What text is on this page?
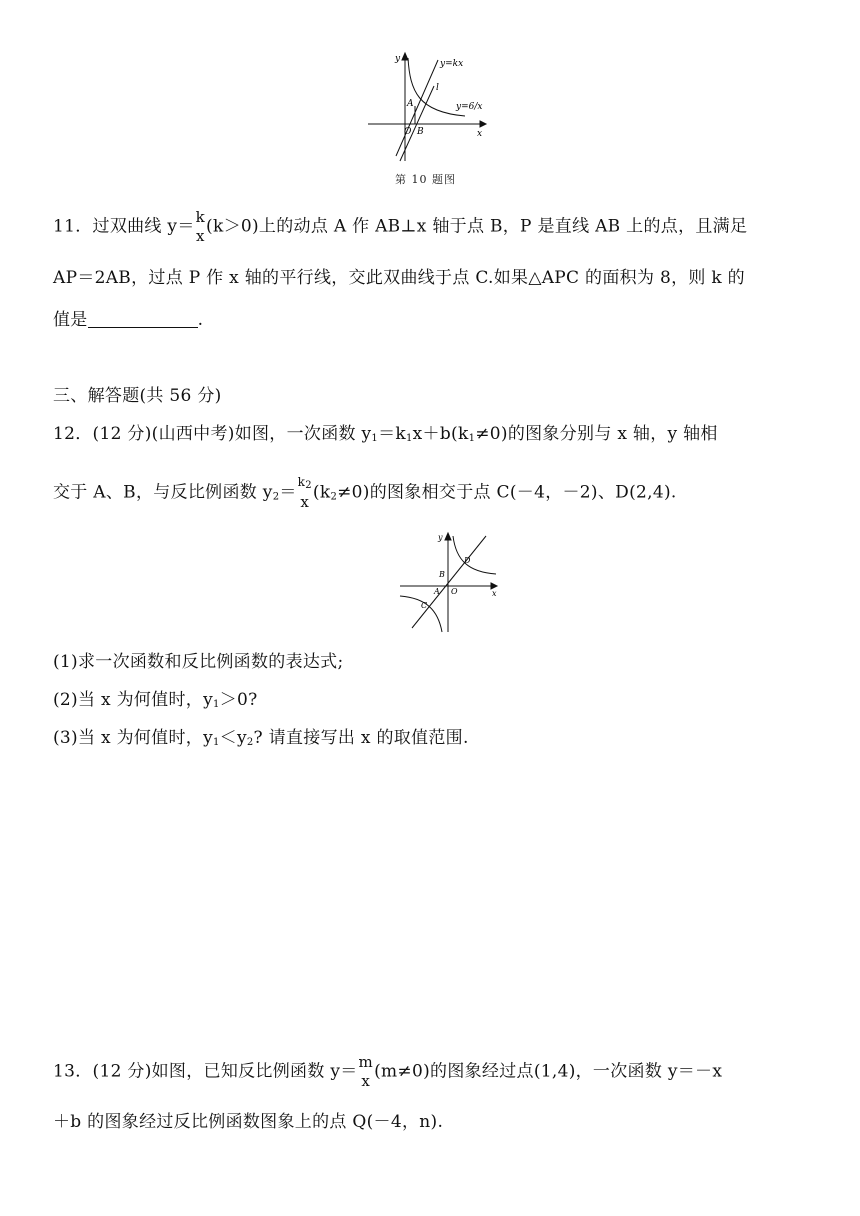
y	y=kx
l
y=6/x
A
O B	x
第 10 题图
11．过双曲线 y＝ k
x (k＞0)上的动点 A 作 AB⊥x 轴于点 B，P 是直线 AB 上的点，且满足
AP＝2AB，过点 P 作 x 轴的平行线，交此双曲线于点 C.如果△APC 的面积为 8，则 k 的
值是	.
三、解答题(共 56 分)
12．(12 分)(山西中考)如图，一次函数 $y_1=k_1x+b(k_1\ne 0)$的图象分别与 x 轴，y 轴相
交于 A、B，与反比例函数 $y_2=$
$k_2$
x $(k_2\ne 0)$的图象相交于点 C(－4，－2)、D(2,4).
y
D
B
A O	x
C
(1)求一次函数和反比例函数的表达式;
(2)当 x 为何值时，$y_1>0$?
(3)当 x 为何值时，$y_1<y_2$? 请直接写出 x 的取值范围.
13．(12 分)如图，已知反比例函数 y＝ m
x (m≠0)的图象经过点(1,4)，一次函数 y＝－x
＋b 的图象经过反比例函数图象上的点 Q(－4，n).
